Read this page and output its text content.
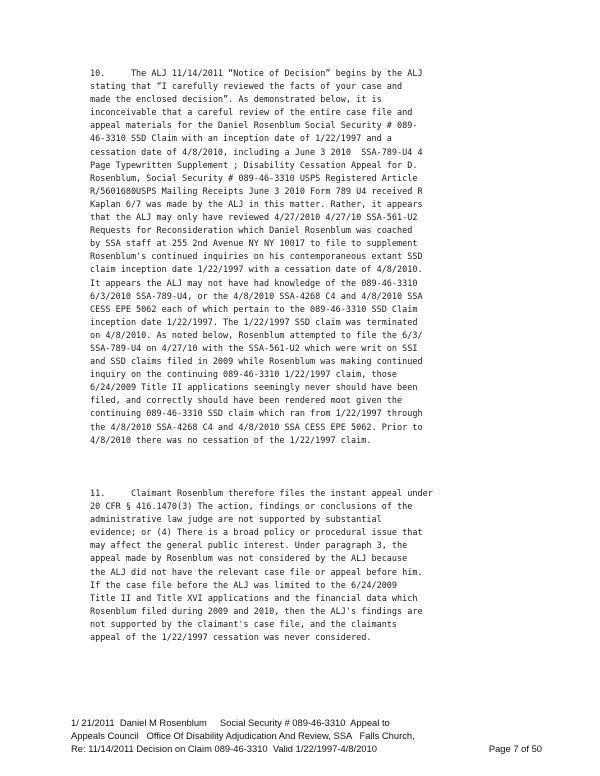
10.     The ALJ 11/14/2011 “Notice of Decision” begins by the ALJ
stating that “I carefully reviewed the facts of your case and
made the enclosed decision”. As demonstrated below, it is
inconceivable that a careful review of the entire case file and
appeal materials for the Daniel Rosenblum Social Security # 089-
46-3310 SSD Claim with an inception date of 1/22/1997 and a
cessation date of 4/8/2010, including a June 3 2010  SSA-789-U4 4
Page Typewritten Supplement ; Disability Cessation Appeal for D.
Rosenblum, Social Security # 089-46-3310 USPS Registered Article
R/5601680USPS Mailing Receipts June 3 2010 Form 789 U4 received R
Kaplan 6/7 was made by the ALJ in this matter. Rather, it appears
that the ALJ may only have reviewed 4/27/2010 4/27/10 SSA-561-U2
Requests for Reconsideration which Daniel Rosenblum was coached
by SSA staff at 255 2nd Avenue NY NY 10017 to file to supplement
Rosenblum's continued inquiries on his contemporaneous extant SSD
claim inception date 1/22/1997 with a cessation date of 4/8/2010.
It appears the ALJ may not have had knowledge of the 089-46-3310
6/3/2010 SSA-789-U4, or the 4/8/2010 SSA-4268 C4 and 4/8/2010 SSA
CESS EPE 5062 each of which pertain to the 089-46-3310 SSD Claim
inception date 1/22/1997. The 1/22/1997 SSD claim was terminated
on 4/8/2010. As noted below, Rosenblum attempted to file the 6/3/
SSA-789-U4 on 4/27/10 with the SSA-561-U2 which were writ on SSI
and SSD claims filed in 2009 while Rosenblum was making continued
inquiry on the continuing 089-46-3310 1/22/1997 claim, those
6/24/2009 Title II applications seemingly never should have been
filed, and correctly should have been rendered moot given the
continuing 089-46-3310 SSD claim which ran from 1/22/1997 through
the 4/8/2010 SSA-4268 C4 and 4/8/2010 SSA CESS EPE 5062. Prior to
4/8/2010 there was no cessation of the 1/22/1997 claim.
11.     Claimant Rosenblum therefore files the instant appeal under
20 CFR § 416.1470(3) The action, findings or conclusions of the
administrative law judge are not supported by substantial
evidence; or (4) There is a broad policy or procedural issue that
may affect the general public interest. Under paragraph 3, the
appeal made by Rosenblum was not considered by the ALJ because
the ALJ did not have the relevant case file or appeal before him.
If the case file before the ALJ was limited to the 6/24/2009
Title II and Title XVI applications and the financial data which
Rosenblum filed during 2009 and 2010, then the ALJ's findings are
not supported by the claimant's case file, and the claimants
appeal of the 1/22/1997 cessation was never considered.
1/ 21/2011  Daniel M Rosenblum     Social Security # 089-46-3310  Appeal to
Appeals Council   Office Of Disability Adjudication And Review, SSA   Falls Church,
Re: 11/14/2011 Decision on Claim 089-46-3310  Valid 1/22/1997-4/8/2010	Page 7 of 50
